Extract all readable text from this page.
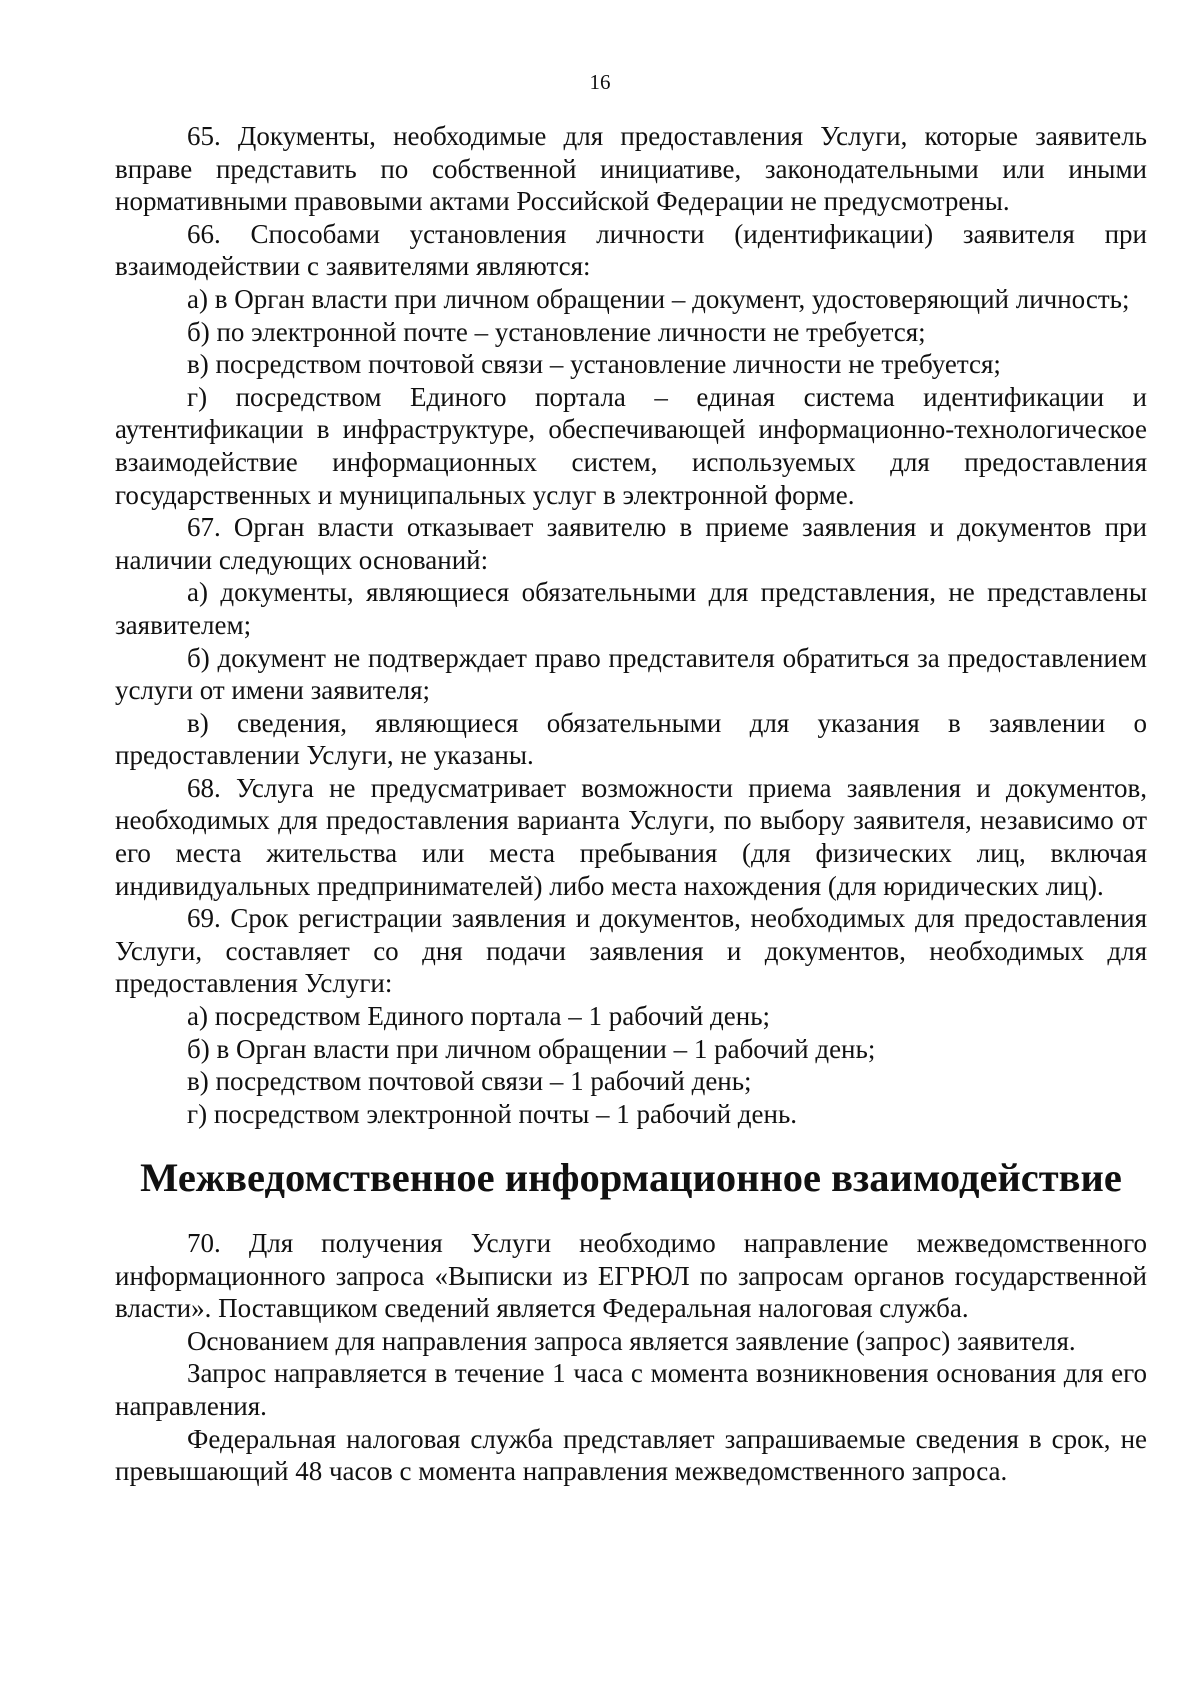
16

65. Документы, необходимые для предоставления Услуги, которые заявитель вправе представить по собственной инициативе, законодательными или иными нормативными правовыми актами Российской Федерации не предусмотрены.

66. Способами установления личности (идентификации) заявителя при взаимодействии с заявителями являются:

а) в Орган власти при личном обращении – документ, удостоверяющий личность;

б) по электронной почте – установление личности не требуется;

в) посредством почтовой связи – установление личности не требуется;

г) посредством Единого портала – единая система идентификации и аутентификации в инфраструктуре, обеспечивающей информационно-технологическое взаимодействие информационных систем, используемых для предоставления государственных и муниципальных услуг в электронной форме.

67. Орган власти отказывает заявителю в приеме заявления и документов при наличии следующих оснований:

а) документы, являющиеся обязательными для представления, не представлены заявителем;

б) документ не подтверждает право представителя обратиться за предоставлением услуги от имени заявителя;

в) сведения, являющиеся обязательными для указания в заявлении о предоставлении Услуги, не указаны.

68. Услуга не предусматривает возможности приема заявления и документов, необходимых для предоставления варианта Услуги, по выбору заявителя, независимо от его места жительства или места пребывания (для физических лиц, включая индивидуальных предпринимателей) либо места нахождения (для юридических лиц).

69. Срок регистрации заявления и документов, необходимых для предоставления Услуги, составляет со дня подачи заявления и документов, необходимых для предоставления Услуги:

а) посредством Единого портала – 1 рабочий день;

б) в Орган власти при личном обращении – 1 рабочий день;

в) посредством почтовой связи – 1 рабочий день;

г) посредством электронной почты – 1 рабочий день.

Межведомственное информационное взаимодействие

70. Для получения Услуги необходимо направление межведомственного информационного запроса «Выписки из ЕГРЮЛ по запросам органов государственной власти». Поставщиком сведений является Федеральная налоговая служба.

Основанием для направления запроса является заявление (запрос) заявителя.

Запрос направляется в течение 1 часа с момента возникновения основания для его направления.

Федеральная налоговая служба представляет запрашиваемые сведения в срок, не превышающий 48 часов с момента направления межведомственного запроса.
